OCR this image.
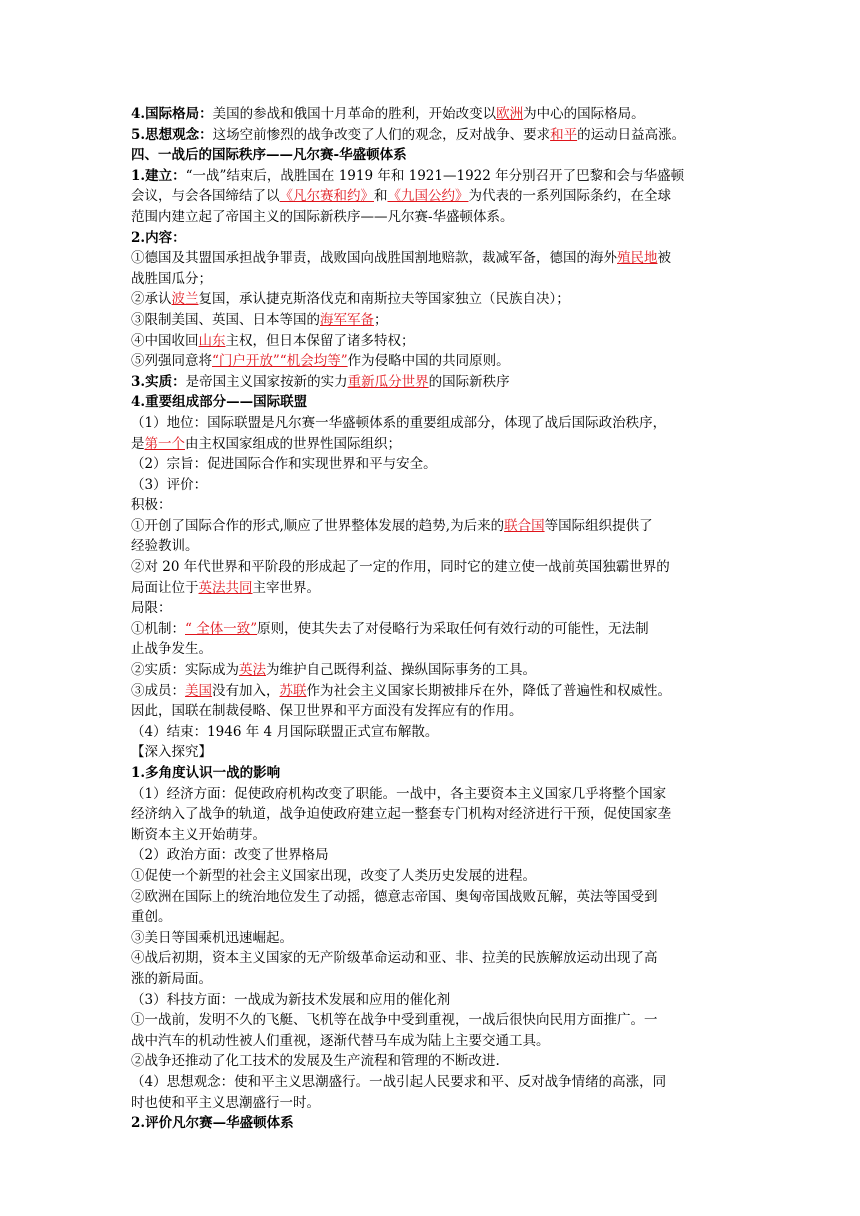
4.国际格局：美国的参战和俄国十月革命的胜利，开始改变以欧洲为中心的国际格局。
5.思想观念：这场空前惨烈的战争改变了人们的观念，反对战争、要求和平的运动日益高涨。
四、一战后的国际秩序——凡尔赛-华盛顿体系
1.建立：“一战”结束后，战胜国在 1919 年和 1921—1922 年分别召开了巴黎和会与华盛顿
会议，与会各国缔结了以《凡尔赛和约》和《九国公约》为代表的一系列国际条约，在全球
范围内建立起了帝国主义的国际新秩序——凡尔赛-华盛顿体系。
2.内容：
①德国及其盟国承担战争罪责，战败国向战胜国割地赔款，裁减军备，德国的海外殖民地被
战胜国瓜分；
②承认波兰复国，承认捷克斯洛伐克和南斯拉夫等国家独立（民族自决）；
③限制美国、英国、日本等国的海军军备；
④中国收回山东主权，但日本保留了诸多特权；
⑤列强同意将“门户开放”“机会均等”作为侵略中国的共同原则。
3.实质：是帝国主义国家按新的实力重新瓜分世界的国际新秩序
4.重要组成部分——国际联盟
（1）地位：国际联盟是凡尔赛一华盛顿体系的重要组成部分，体现了战后国际政治秩序，
是第一个由主权国家组成的世界性国际组织；
（2）宗旨：促进国际合作和实现世界和平与安全。
（3）评价：
积极：
①开创了国际合作的形式,顺应了世界整体发展的趋势,为后来的联合国等国际组织提供了
经验教训。
②对 20 年代世界和平阶段的形成起了一定的作用，同时它的建立使一战前英国独霸世界的
局面让位于英法共同主宰世界。
局限：
①机制：“ 全体一致”原则，使其失去了对侵略行为采取任何有效行动的可能性，无法制
止战争发生。
②实质：实际成为英法为维护自己既得利益、操纵国际事务的工具。
③成员：美国没有加入，苏联作为社会主义国家长期被排斥在外，降低了普遍性和权威性。
因此，国联在制裁侵略、保卫世界和平方面没有发挥应有的作用。
（4）结束：1946 年 4 月国际联盟正式宣布解散。
【深入探究】
1.多角度认识一战的影响
（1）经济方面：促使政府机构改变了职能。一战中，各主要资本主义国家几乎将整个国家
经济纳入了战争的轨道，战争迫使政府建立起一整套专门机构对经济进行干预，促使国家垄
断资本主义开始萌芽。
（2）政治方面：改变了世界格局
①促使一个新型的社会主义国家出现，改变了人类历史发展的进程。
②欧洲在国际上的统治地位发生了动摇，德意志帝国、奥匈帝国战败瓦解，英法等国受到
重创。
③美日等国乘机迅速崛起。
④战后初期，资本主义国家的无产阶级革命运动和亚、非、拉美的民族解放运动出现了高
涨的新局面。
（3）科技方面：一战成为新技术发展和应用的催化剂
①一战前，发明不久的飞艇、飞机等在战争中受到重视，一战后很快向民用方面推广。一
战中汽车的机动性被人们重视，逐渐代替马车成为陆上主要交通工具。
②战争还推动了化工技术的发展及生产流程和管理的不断改进.
（4）思想观念：使和平主义思潮盛行。一战引起人民要求和平、反对战争情绪的高涨，同
时也使和平主义思潮盛行一时。
2.评价凡尔赛—华盛顿体系
